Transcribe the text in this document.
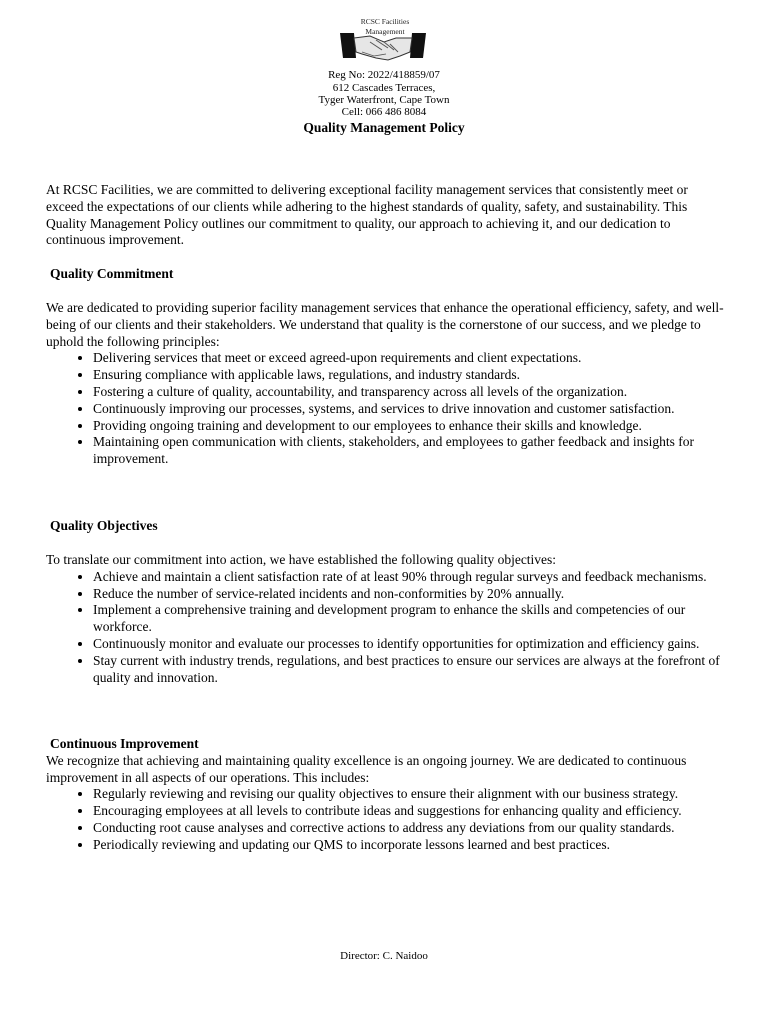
RCSC Facilities
Management
Reg No: 2022/418859/07
612 Cascades Terraces,
Tyger Waterfront, Cape Town
Cell: 066 486 8084
Quality Management Policy

At RCSC Facilities, we are committed to delivering exceptional facility management services that consistently meet or exceed the expectations of our clients while adhering to the highest standards of quality, safety, and sustainability. This Quality Management Policy outlines our commitment to quality, our approach to achieving it, and our dedication to continuous improvement.

Quality Commitment

We are dedicated to providing superior facility management services that enhance the operational efficiency, safety, and well-being of our clients and their stakeholders. We understand that quality is the cornerstone of our success, and we pledge to uphold the following principles:

• Delivering services that meet or exceed agreed-upon requirements and client expectations.
• Ensuring compliance with applicable laws, regulations, and industry standards.
• Fostering a culture of quality, accountability, and transparency across all levels of the organization.
• Continuously improving our processes, systems, and services to drive innovation and customer satisfaction.
• Providing ongoing training and development to our employees to enhance their skills and knowledge.
• Maintaining open communication with clients, stakeholders, and employees to gather feedback and insights for improvement.
Quality Objectives

To translate our commitment into action, we have established the following quality objectives:

• Achieve and maintain a client satisfaction rate of at least 90% through regular surveys and feedback mechanisms.
• Reduce the number of service-related incidents and non-conformities by 20% annually.
• Implement a comprehensive training and development program to enhance the skills and competencies of our workforce.
• Continuously monitor and evaluate our processes to identify opportunities for optimization and efficiency gains.
• Stay current with industry trends, regulations, and best practices to ensure our services are always at the forefront of quality and innovation.
Continuous Improvement

We recognize that achieving and maintaining quality excellence is an ongoing journey. We are dedicated to continuous improvement in all aspects of our operations. This includes:

• Regularly reviewing and revising our quality objectives to ensure their alignment with our business strategy.
• Encouraging employees at all levels to contribute ideas and suggestions for enhancing quality and efficiency.
• Conducting root cause analyses and corrective actions to address any deviations from our quality standards.
• Periodically reviewing and updating our QMS to incorporate lessons learned and best practices.
Director: C. Naidoo
